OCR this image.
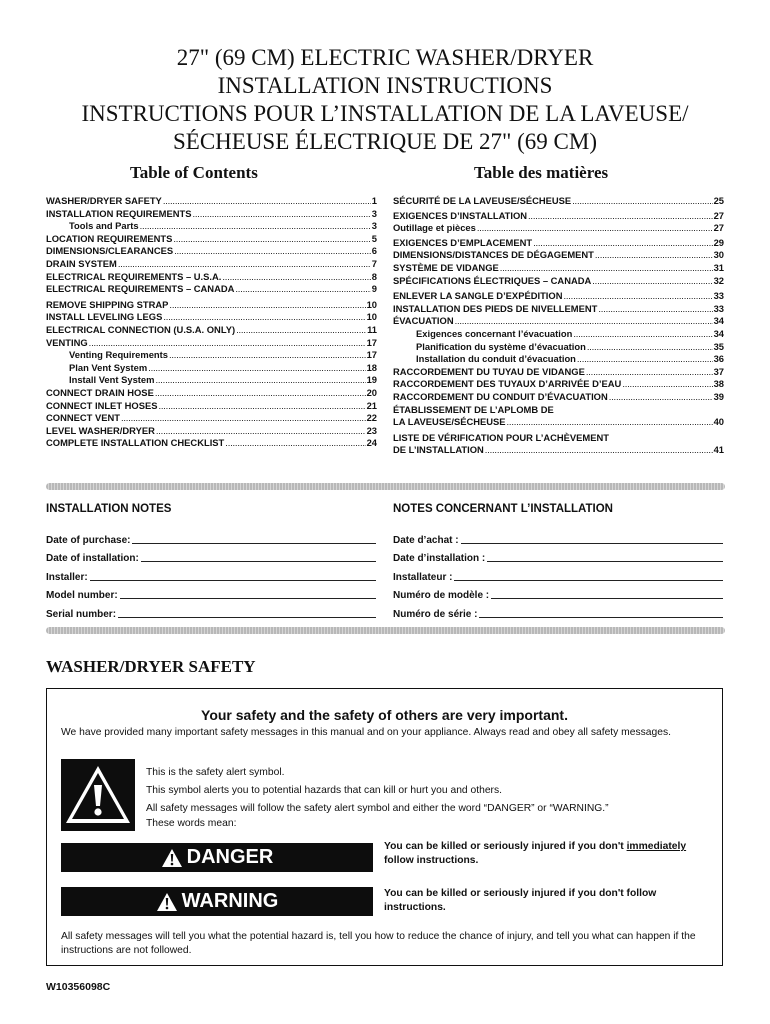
27" (69 CM) ELECTRIC WASHER/DRYER
INSTALLATION INSTRUCTIONS
INSTRUCTIONS POUR L’INSTALLATION DE LA LAVEUSE/
SÉCHEUSE ÉLECTRIQUE DE 27" (69 CM)
Table of Contents	Table des matières
WASHER/DRYER SAFETY .....	1
INSTALLATION REQUIREMENTS .....	3
Tools and Parts .....	3
LOCATION REQUIREMENTS .....	5
DIMENSIONS/CLEARANCES .....	6
DRAIN SYSTEM .....	7
ELECTRICAL REQUIREMENTS – U.S.A. .....	8
ELECTRICAL REQUIREMENTS – CANADA .....	9
REMOVE SHIPPING STRAP .....	10
INSTALL LEVELING LEGS .....	10
ELECTRICAL CONNECTION (U.S.A. ONLY) .....	11
VENTING .....	17
Venting Requirements .....	17
Plan Vent System .....	18
Install Vent System .....	19
CONNECT DRAIN HOSE .....	20
CONNECT INLET HOSES .....	21
CONNECT VENT .....	22
LEVEL WASHER/DRYER .....	23
COMPLETE INSTALLATION CHECKLIST .....	24
SÉCURITÉ DE LA LAVEUSE/SÉCHEUSE .....	25
EXIGENCES D’INSTALLATION .....	27
Outillage et pièces .....	27
EXIGENCES D’EMPLACEMENT .....	29
DIMENSIONS/DISTANCES DE DÉGAGEMENT .....	30
SYSTÈME DE VIDANGE .....	31
SPÉCIFICATIONS ÉLECTRIQUES – CANADA .....	32
ENLEVER LA SANGLE D’EXPÉDITION .....	33
INSTALLATION DES PIEDS DE NIVELLEMENT .....	33
ÉVACUATION .....	34
Exigences concernant l’évacuation .....	34
Planification du système d’évacuation .....	35
Installation du conduit d’évacuation .....	36
RACCORDEMENT DU TUYAU DE VIDANGE .....	37
RACCORDEMENT DES TUYAUX D’ARRIVÉE D’EAU .....	38
RACCORDEMENT DU CONDUIT D’ÉVACUATION .....	39
ÉTABLISSEMENT DE L’APLOMB DE
LA LAVEUSE/SÉCHEUSE .....	40
LISTE DE VÉRIFICATION POUR L’ACHÈVEMENT
DE L’INSTALLATION .....	41
INSTALLATION NOTES	NOTES CONCERNANT L’INSTALLATION
Date of purchase:
Date of installation:
Installer:
Model number:
Serial number:
Date d’achat :
Date d’installation :
Installateur :
Numéro de modèle :
Numéro de série :
WASHER/DRYER SAFETY
Your safety and the safety of others are very important.
We have provided many important safety messages in this manual and on your appliance. Always read and obey all safety messages.
This is the safety alert symbol.
This symbol alerts you to potential hazards that can kill or hurt you and others.
All safety messages will follow the safety alert symbol and either the word “DANGER” or “WARNING.”
These words mean:
DANGER	You can be killed or seriously injured if you don't immediately
follow instructions.
WARNING	You can be killed or seriously injured if you don't follow instructions.
All safety messages will tell you what the potential hazard is, tell you how to reduce the chance of injury, and tell you what can happen if the instructions are not followed.
W10356098C
